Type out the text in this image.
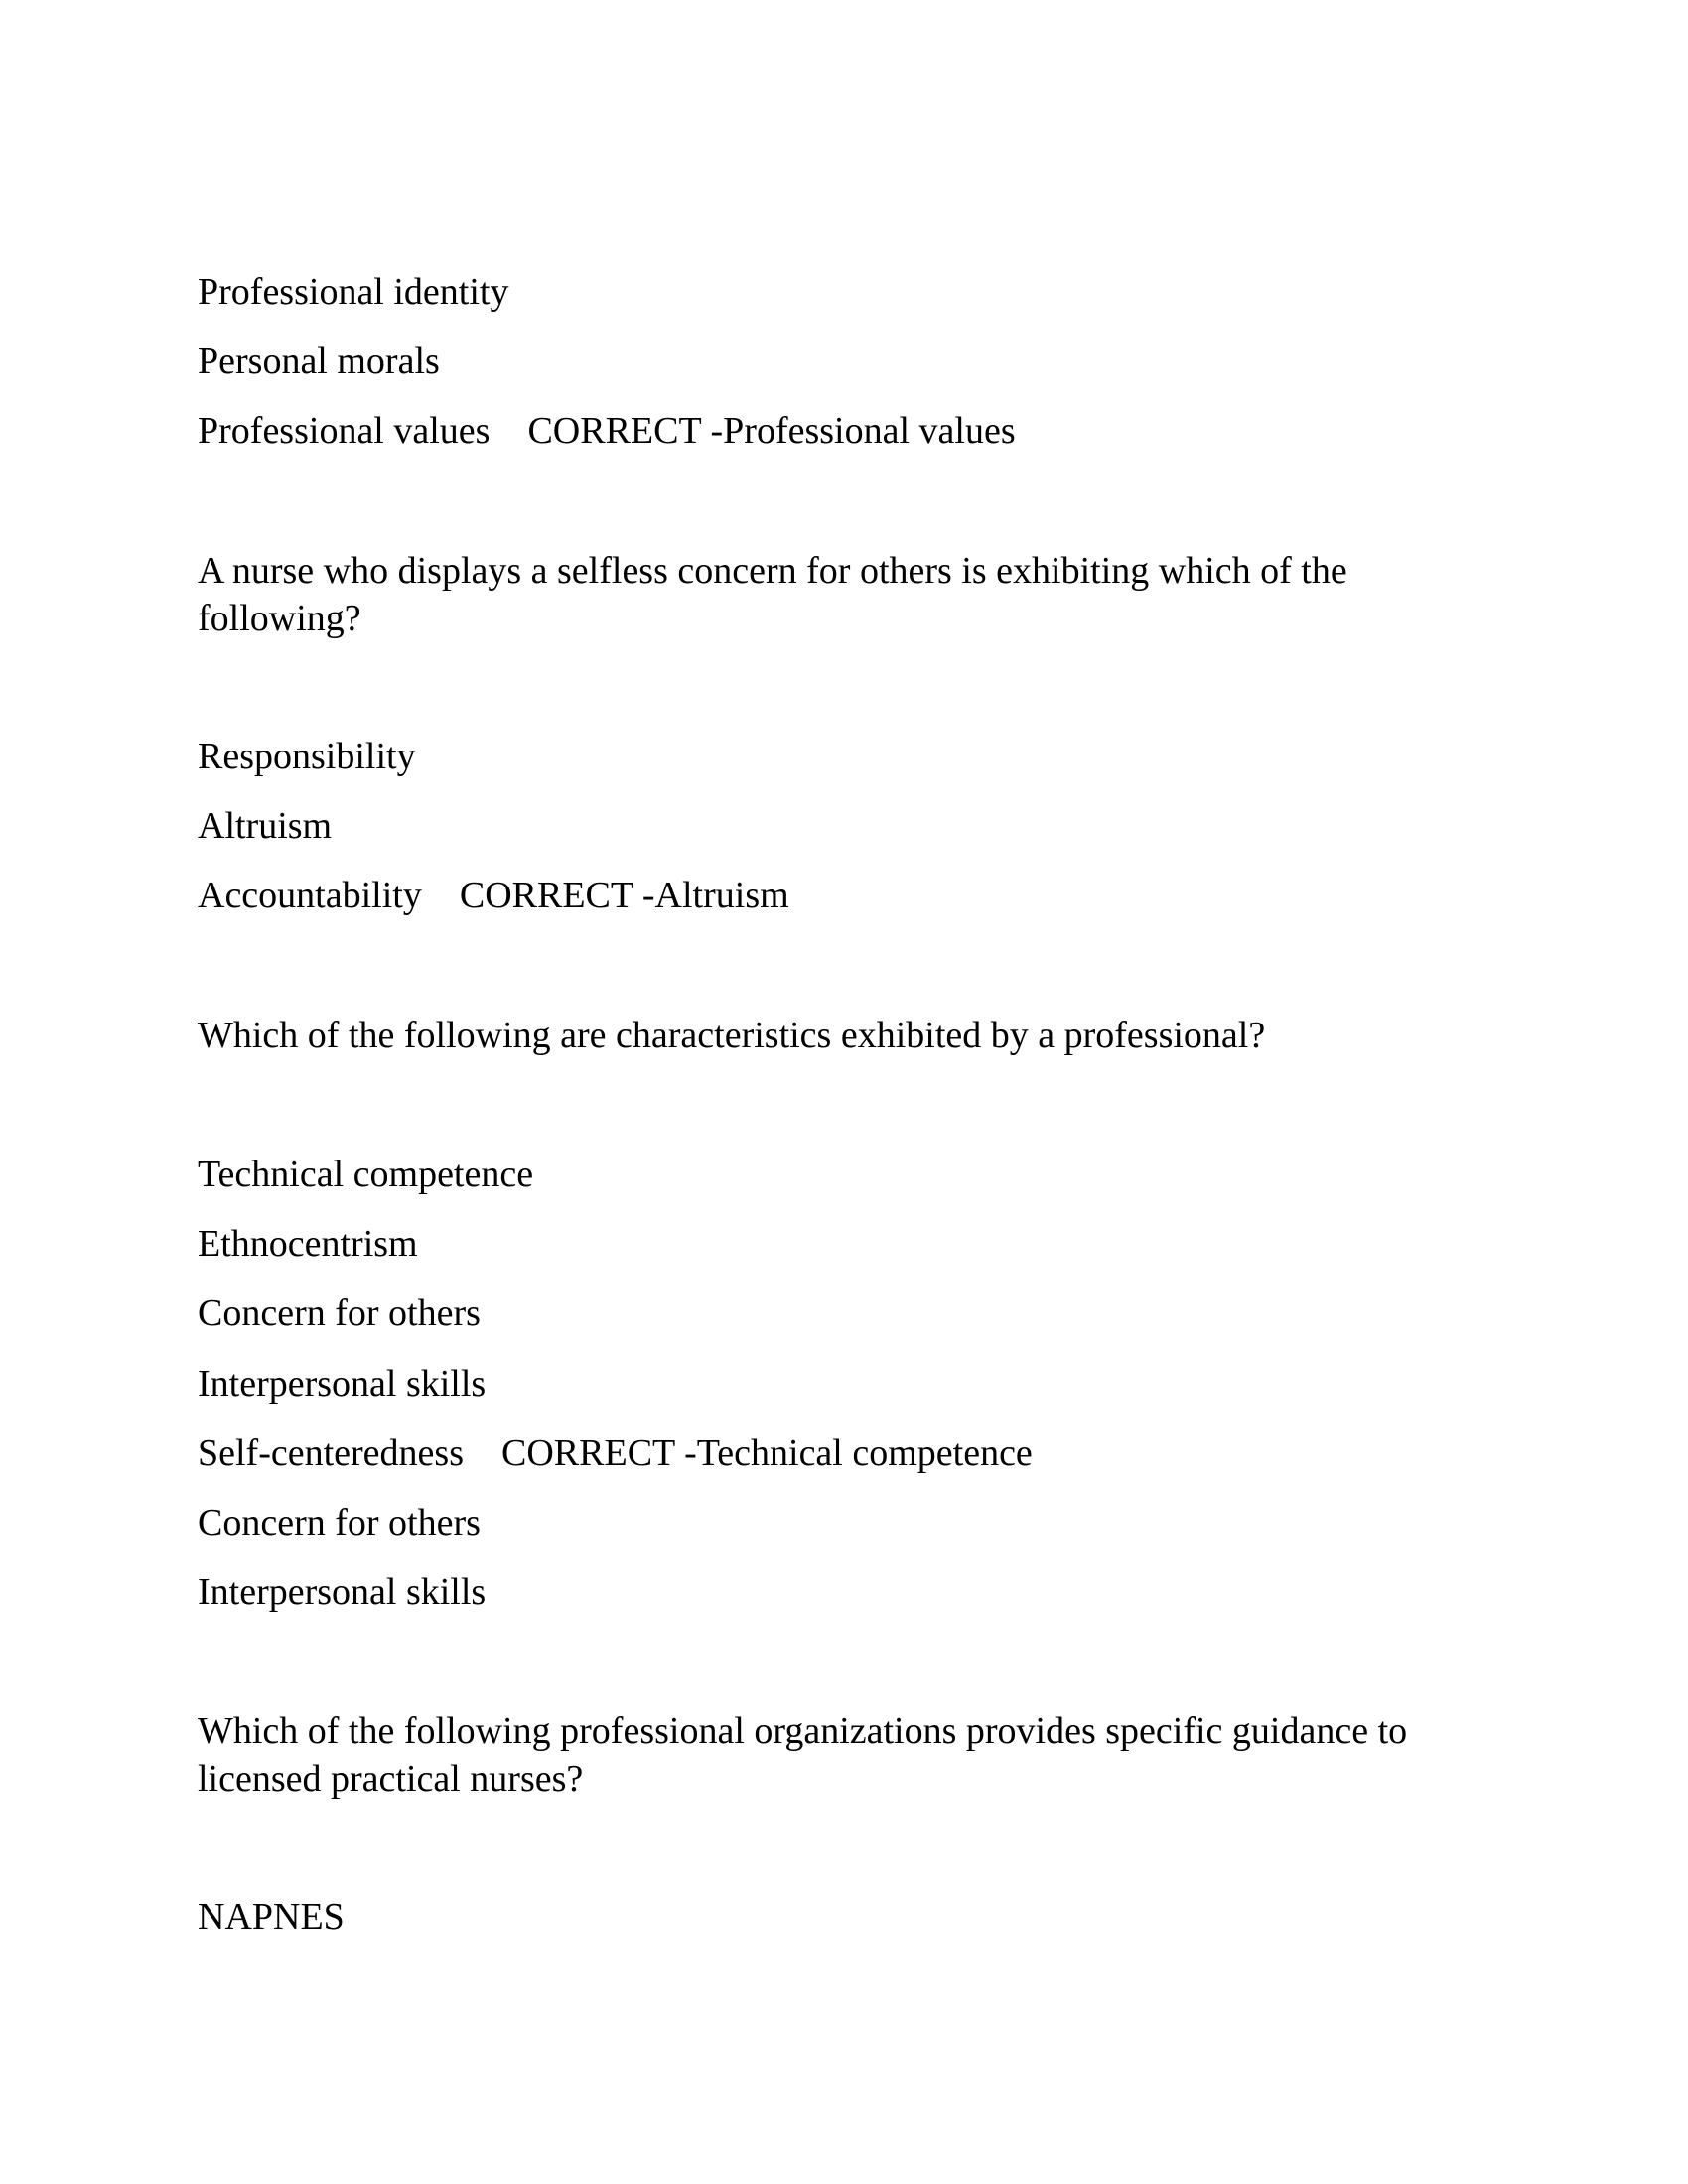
Professional identity
Personal morals
Professional values CORRECT -Professional values
A nurse who displays a selfless concern for others is exhibiting which of the following?
Responsibility
Altruism
Accountability CORRECT -Altruism
Which of the following are characteristics exhibited by a professional?
Technical competence
Ethnocentrism
Concern for others
Interpersonal skills
Self-centeredness CORRECT -Technical competence
Concern for others
Interpersonal skills
Which of the following professional organizations provides specific guidance to licensed practical nurses?
NAPNES
